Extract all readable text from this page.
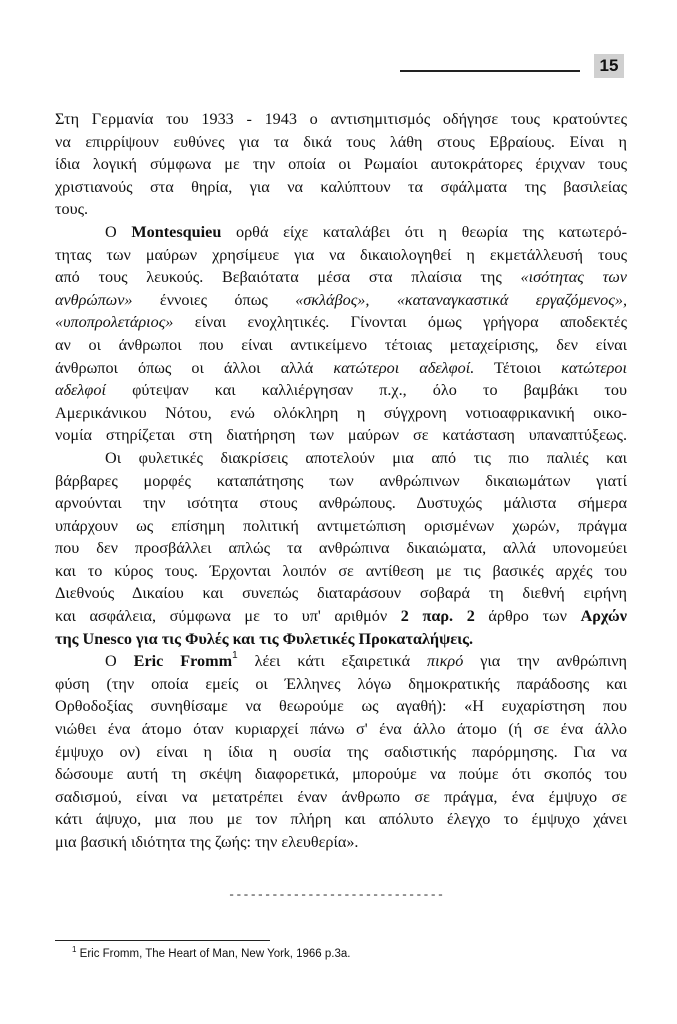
15
Στη Γερμανία του 1933 - 1943 ο αντισημιτισμός οδήγησε τους κρατούντες
να επιρρίψουν ευθύνες για τα δικά τους λάθη στους Εβραίους. Είναι η
ίδια λογική σύμφωνα με την οποία οι Ρωμαίοι αυτοκράτορες έριχναν τους
χριστιανούς στα θηρία, για να καλύπτουν τα σφάλματα της βασιλείας
τους.
Ο Montesquieu ορθά είχε καταλάβει ότι η θεωρία της κατωτερό-
τητας των μαύρων χρησίμευε για να δικαιολογηθεί η εκμετάλλευσή τους
από τους λευκούς. Βεβαιότατα μέσα στα πλαίσια της «ισότητας των
ανθρώπων» έννοιες όπως «σκλάβος», «καταναγκαστικά εργαζόμενος»,
«υποπρολετάριος» είναι ενοχλητικές. Γίνονται όμως γρήγορα αποδεκτές
αν οι άνθρωποι που είναι αντικείμενο τέτοιας μεταχείρισης, δεν είναι
άνθρωποι όπως οι άλλοι αλλά κατώτεροι αδελφοί. Τέτοιοι κατώτεροι
αδελφοί φύτεψαν και καλλιέργησαν π.χ., όλο το βαμβάκι του
Αμερικάνικου Νότου, ενώ ολόκληρη η σύγχρονη νοτιοαφρικανική οικο-
νομία στηρίζεται στη διατήρηση των μαύρων σε κατάσταση υπαναπτύξεως.
Οι φυλετικές διακρίσεις αποτελούν μια από τις πιο παλιές και
βάρβαρες μορφές καταπάτησης των ανθρώπινων δικαιωμάτων γιατί
αρνούνται την ισότητα στους ανθρώπους. Δυστυχώς μάλιστα σήμερα
υπάρχουν ως επίσημη πολιτική αντιμετώπιση ορισμένων χωρών, πράγμα
που δεν προσβάλλει απλώς τα ανθρώπινα δικαιώματα, αλλά υπονομεύει
και το κύρος τους. Έρχονται λοιπόν σε αντίθεση με τις βασικές αρχές του
Διεθνούς Δικαίου και συνεπώς διαταράσουν σοβαρά τη διεθνή ειρήνη
και ασφάλεια, σύμφωνα με το υπ' αριθμόν 2 παρ. 2 άρθρο των Αρχών
της Unesco για τις Φυλές και τις Φυλετικές Προκαταλήψεις.
Ο Eric Fromm$^1$ λέει κάτι εξαιρετικά πικρό για την ανθρώπινη
φύση (την οποία εμείς οι Έλληνες λόγω δημοκρατικής παράδοσης και
Ορθοδοξίας συνηθίσαμε να θεωρούμε ως αγαθή): «Η ευχαρίστηση που
νιώθει ένα άτομο όταν κυριαρχεί πάνω σ' ένα άλλο άτομο (ή σε ένα άλλο
έμψυχο ον) είναι η ίδια η ουσία της σαδιστικής παρόρμησης. Για να
δώσουμε αυτή τη σκέψη διαφορετικά, μπορούμε να πούμε ότι σκοπός του
σαδισμού, είναι να μετατρέπει έναν άνθρωπο σε πράγμα, ένα έμψυχο σε
κάτι άψυχο, μια που με τον πλήρη και απόλυτο έλεγχο το έμψυχο χάνει
μια βασική ιδιότητα της ζωής: την ελευθερία».
------------------------------
$^1$ Eric Fromm, The Heart of Man, New York, 1966 p.3a.
